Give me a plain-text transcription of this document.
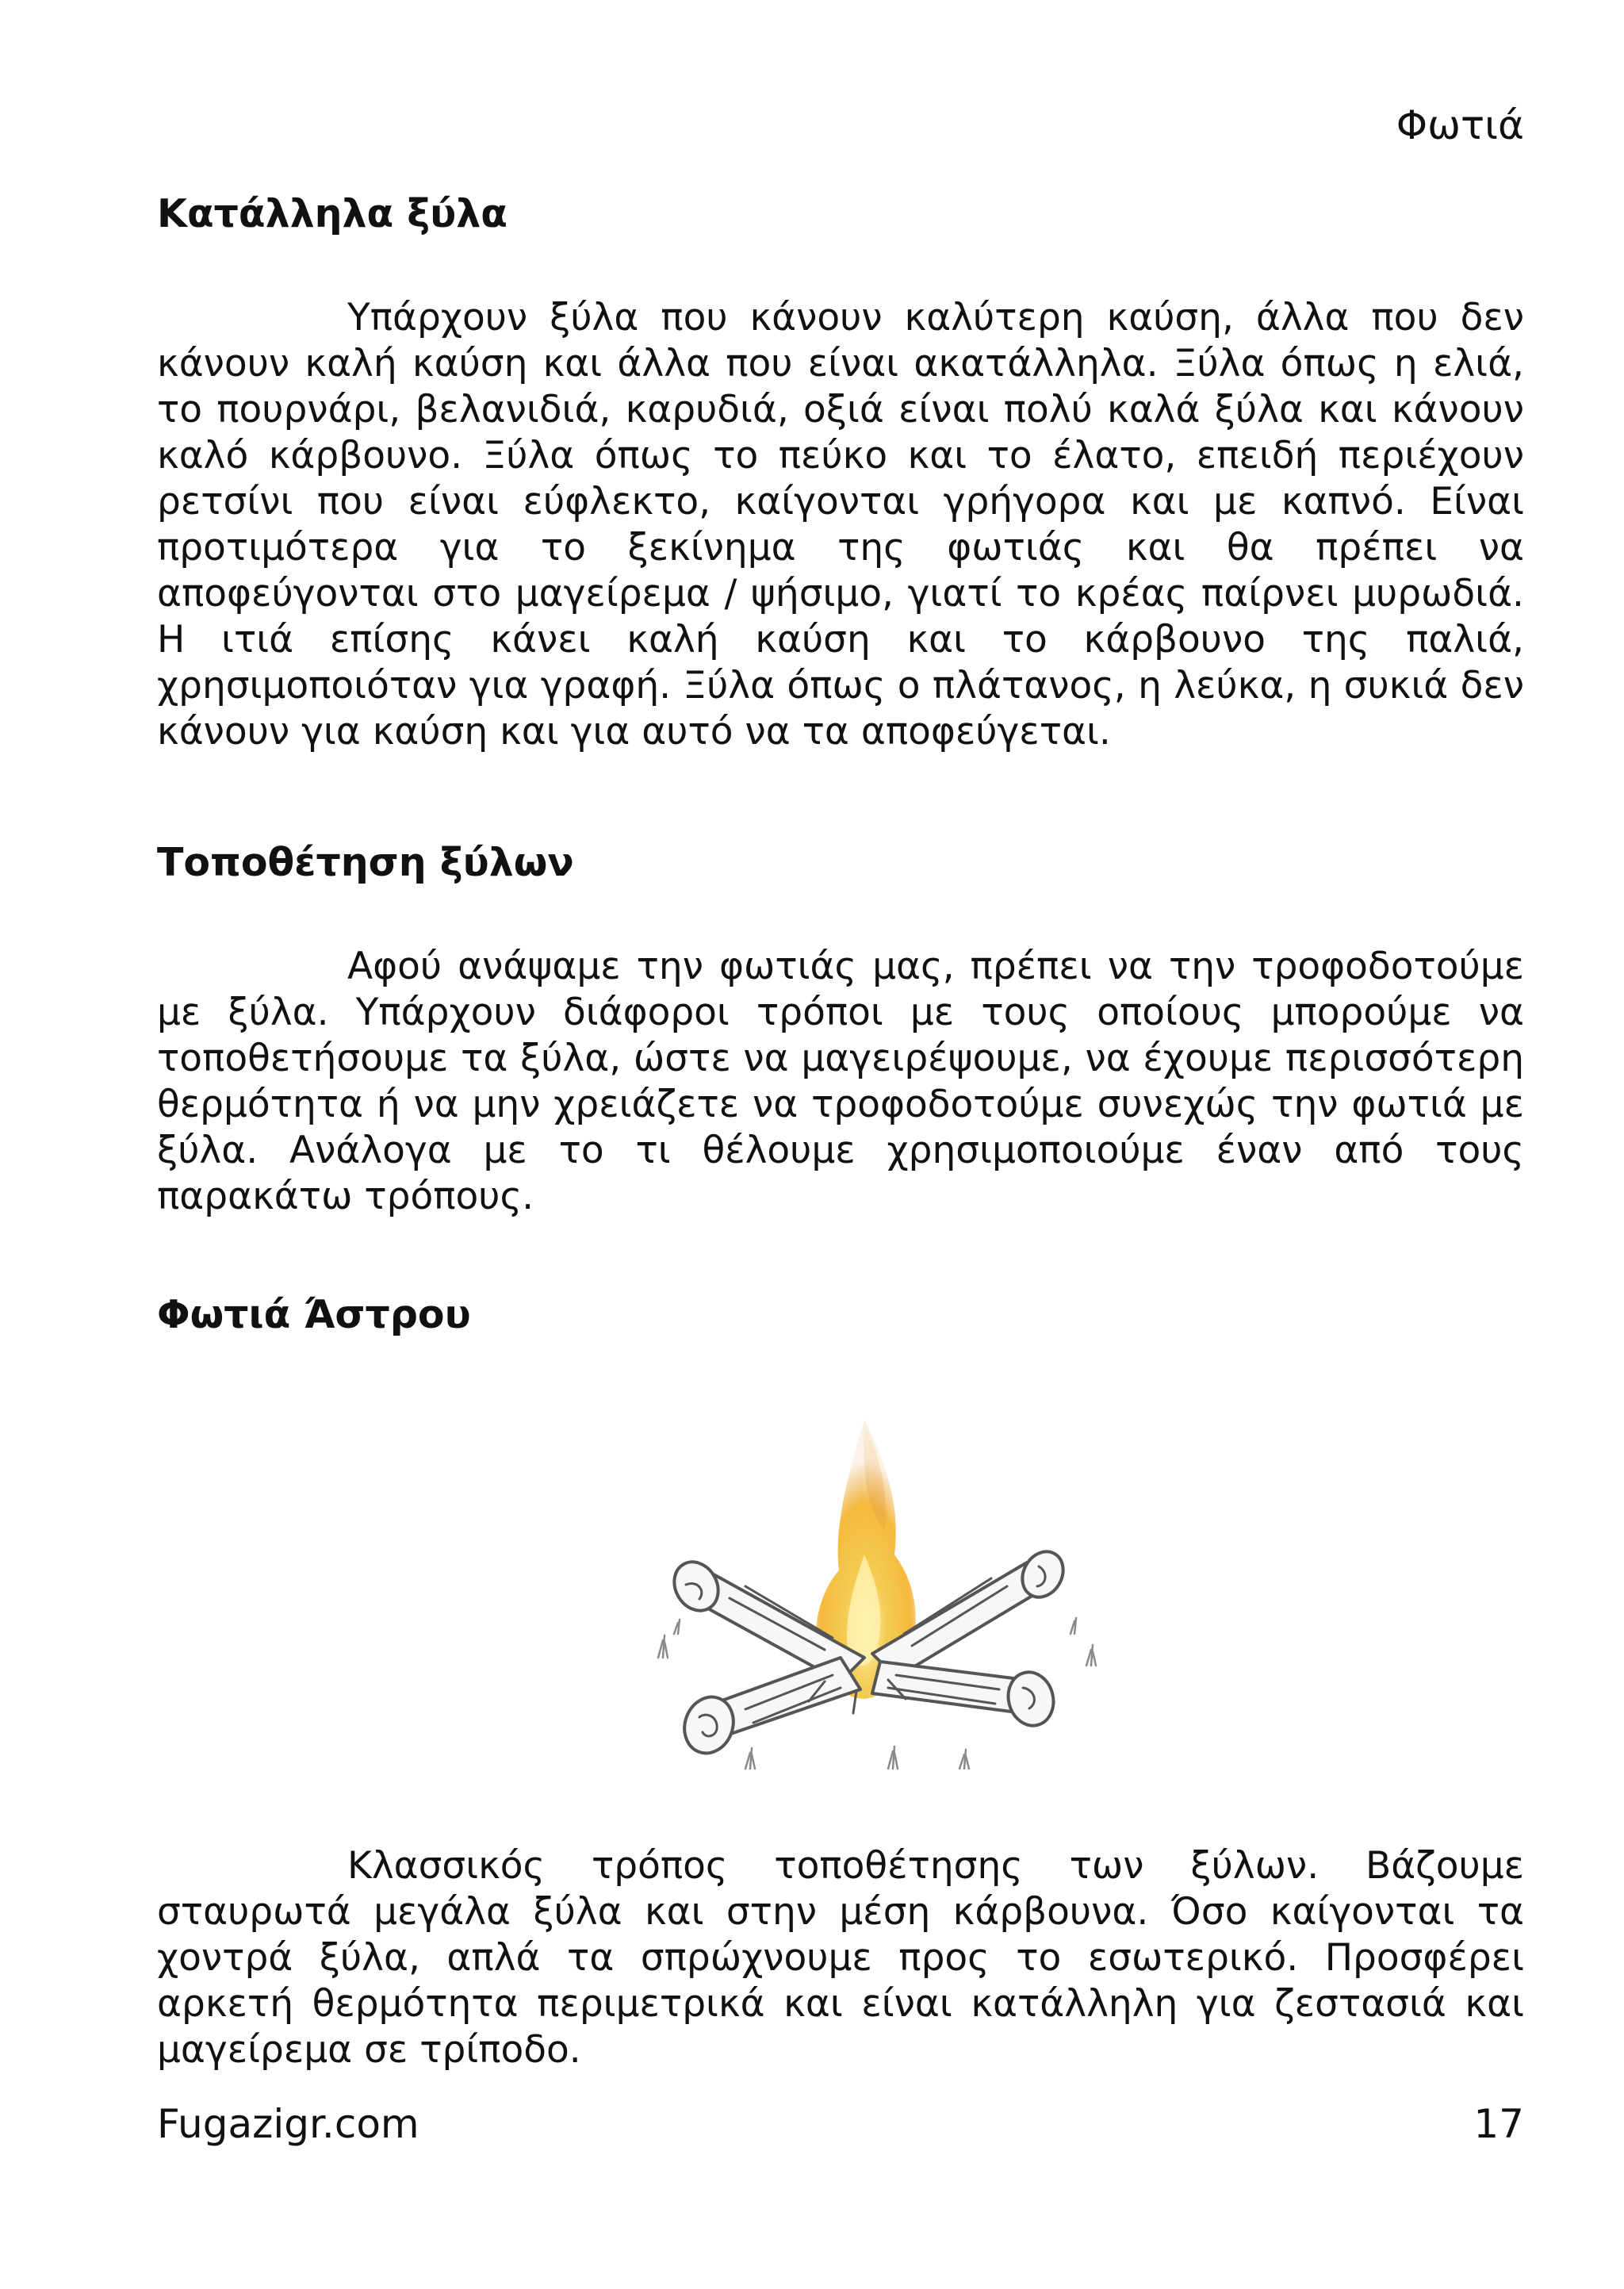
Φωτιά
Κατάλληλα ξύλα

Υπάρχουν ξύλα που κάνουν καλύτερη καύση, άλλα που δεν κάνουν καλή καύση και άλλα που είναι ακατάλληλα. Ξύλα όπως η ελιά, το πουρνάρι, βελανιδιά, καρυδιά, οξιά είναι πολύ καλά ξύλα και κάνουν καλό κάρβουνο. Ξύλα όπως το πεύκο και το έλατο, επειδή περιέχουν ρετσίνι που είναι εύφλεκτο, καίγονται γρήγορα και με καπνό. Είναι προτιμότερα για το ξεκίνημα της φωτιάς και θα πρέπει να αποφεύγονται στο μαγείρεμα / ψήσιμο, γιατί το κρέας παίρνει μυρωδιά. Η ιτιά επίσης κάνει καλή καύση και το κάρβουνο της παλιά, χρησιμοποιόταν για γραφή. Ξύλα όπως ο πλάτανος, η λεύκα, η συκιά δεν κάνουν για καύση και για αυτό να τα αποφεύγεται.

Τοποθέτηση ξύλων

Αφού ανάψαμε την φωτιάς μας, πρέπει να την τροφοδοτούμε με ξύλα. Υπάρχουν διάφοροι τρόποι με τους οποίους μπορούμε να τοποθετήσουμε τα ξύλα, ώστε να μαγειρέψουμε, να έχουμε περισσότερη θερμότητα ή να μην χρειάζετε να τροφοδοτούμε συνεχώς την φωτιά με ξύλα. Ανάλογα με το τι θέλουμε χρησιμοποιούμε έναν από τους παρακάτω τρόπους.

Φωτιά Άστρου

Κλασσικός τρόπος τοποθέτησης των ξύλων. Βάζουμε σταυρωτά μεγάλα ξύλα και στην μέση κάρβουνα. Όσο καίγονται τα χοντρά ξύλα, απλά τα σπρώχνουμε προς το εσωτερικό. Προσφέρει αρκετή θερμότητα περιμετρικά και είναι κατάλληλη για ζεστασιά και μαγείρεμα σε τρίποδο.

Fugazigr.com	17
